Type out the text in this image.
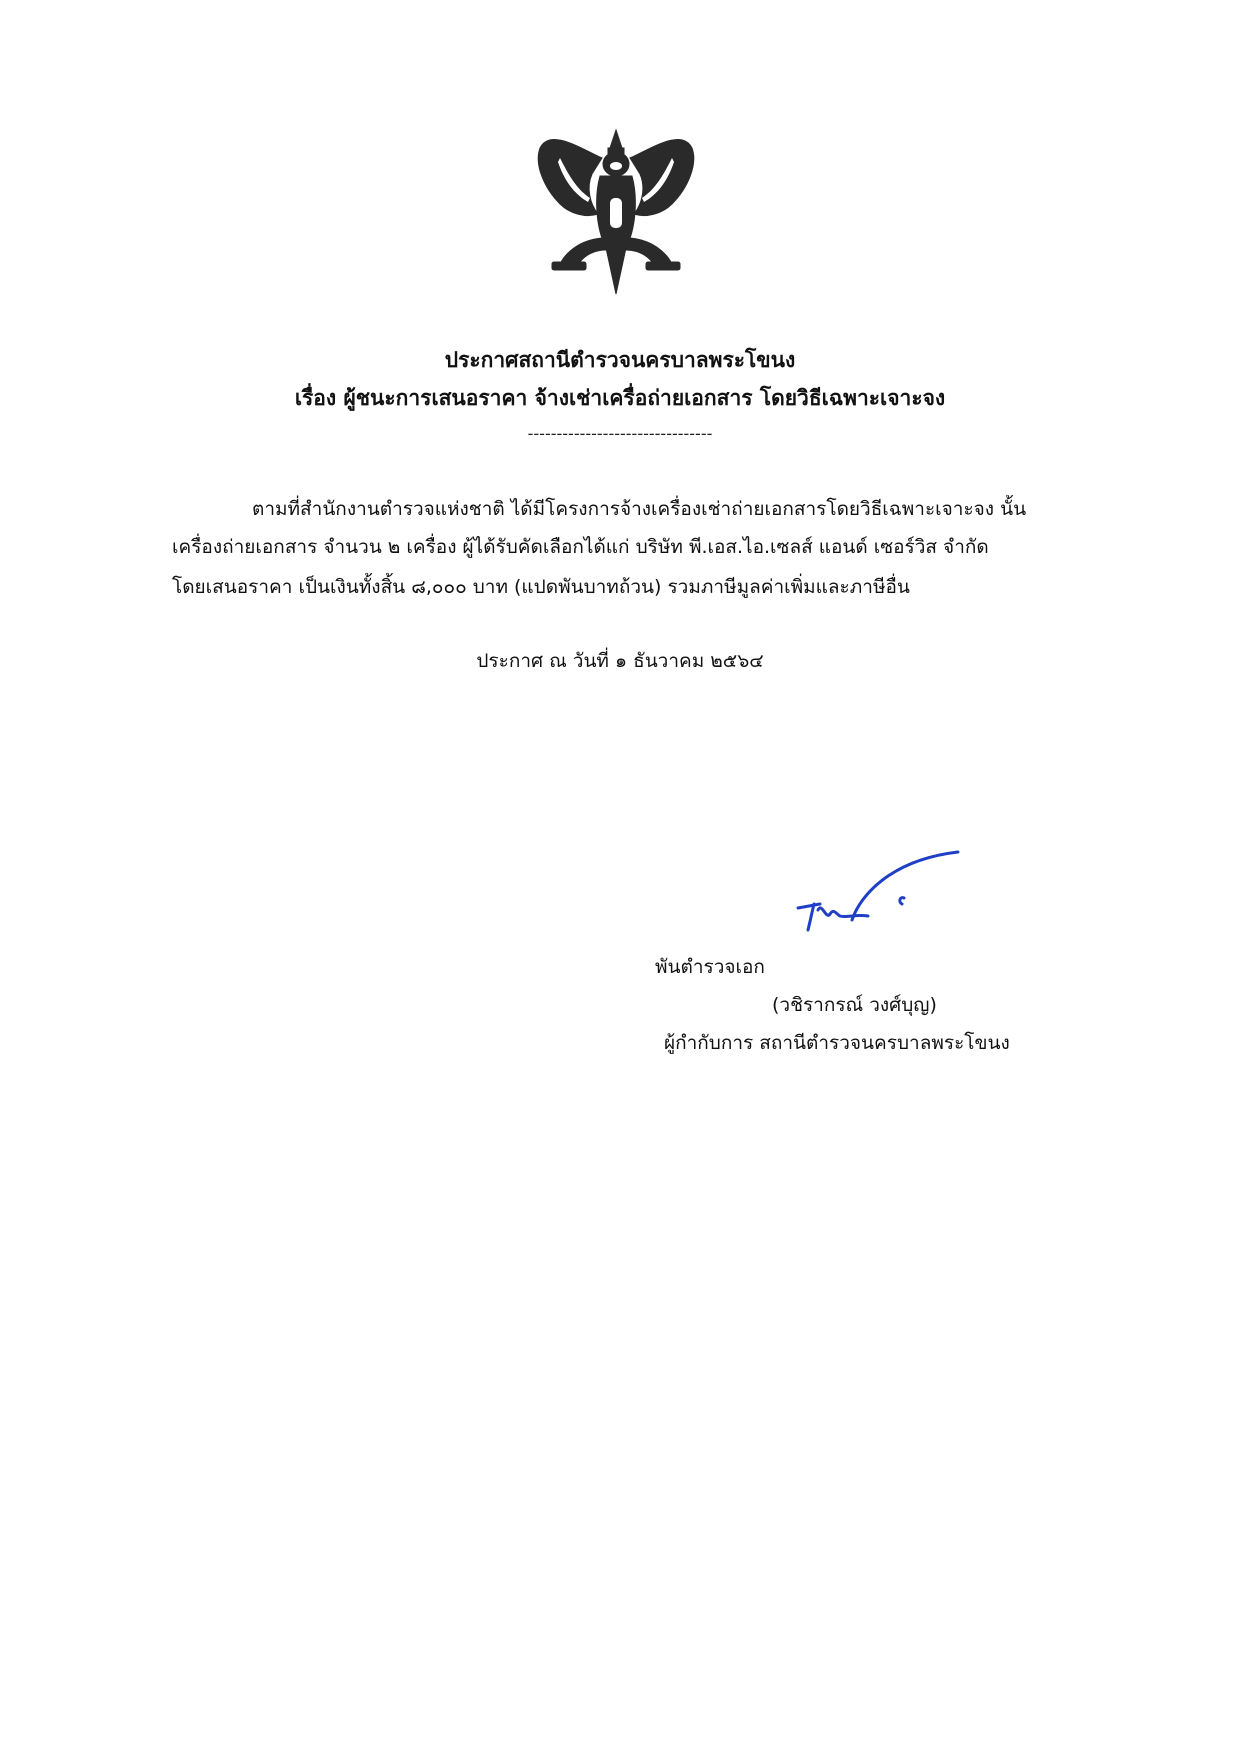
ประกาศสถานีตำรวจนครบาลพระโขนง
เรื่อง ผู้ชนะการเสนอราคา จ้างเช่าเครื่อถ่ายเอกสาร โดยวิธีเฉพาะเจาะจง
--------------------------------
ตามที่สำนักงานตำรวจแห่งชาติ ได้มีโครงการจ้างเครื่องเช่าถ่ายเอกสารโดยวิธีเฉพาะเจาะจง นั้น
เครื่องถ่ายเอกสาร จำนวน ๒ เครื่อง ผู้ได้รับคัดเลือกได้แก่ บริษัท พี.เอส.ไอ.เซลส์ แอนด์ เซอร์วิส จำกัด
โดยเสนอราคา เป็นเงินทั้งสิ้น ๘,๐๐๐ บาท (แปดพันบาทถ้วน) รวมภาษีมูลค่าเพิ่มและภาษีอื่น
ประกาศ ณ วันที่ ๑ ธันวาคม ๒๕๖๔
พันตำรวจเอก
(วชิรากรณ์ วงศ์บุญ)
ผู้กำกับการ สถานีตำรวจนครบาลพระโขนง
